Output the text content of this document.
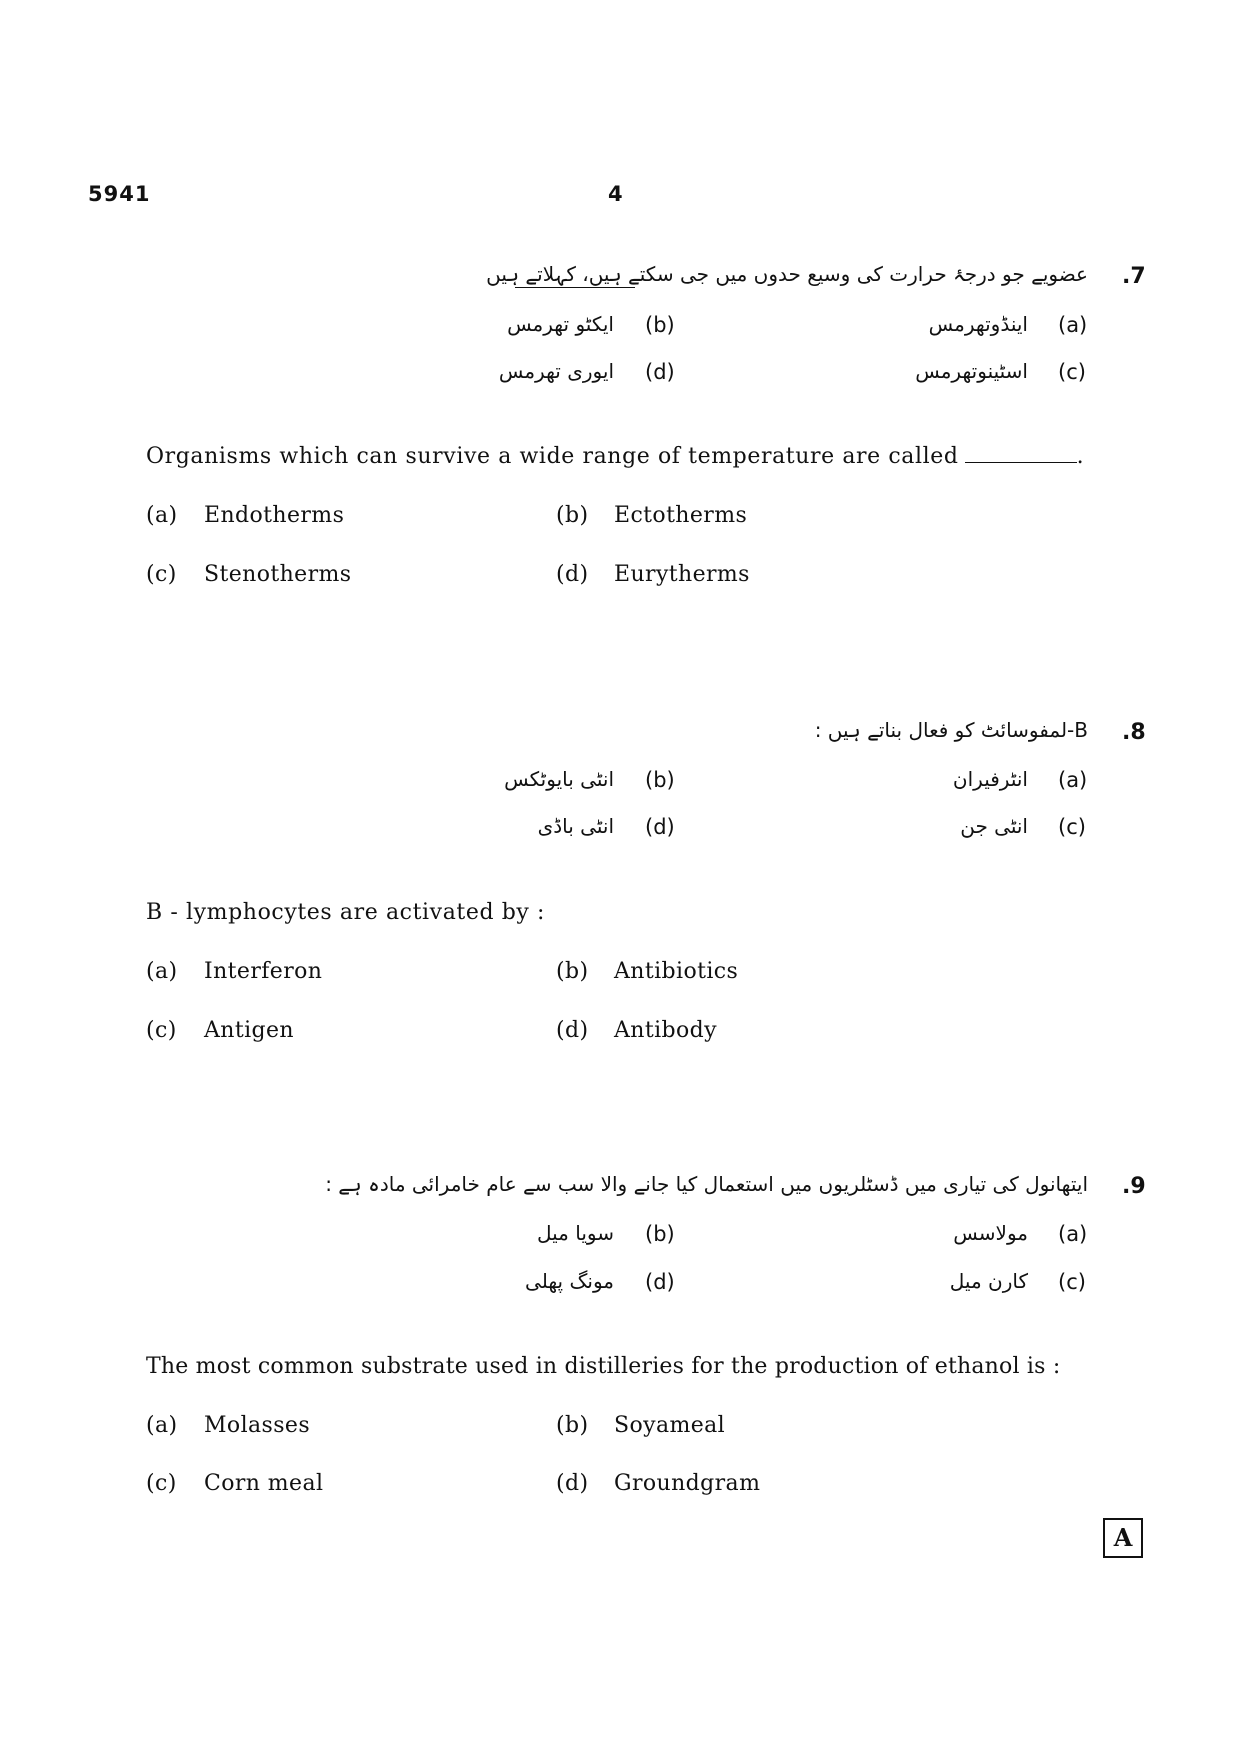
5941	4
.7
عضویے جو درجۂ حرارت کی وسیع حدوں میں جی سکتے ہیں، کہلاتے ہیں
(a)
اینڈوتھرمس
(b)
ایکٹو تھرمس
(c)
اسٹینوتھرمس
(d)
ایوری تھرمس
Organisms which can survive a wide range of temperature are called	.
(a) Endotherms	(b) Ectotherms
(c) Stenotherms	(d) Eurytherms
.8
B-لمفوسائٹ کو فعال بناتے ہیں :
(a)
انٹرفیران
(b)
انٹی بایوٹکس
(c)
انٹی جن
(d)
انٹی باڈی
B - lymphocytes are activated by :
(a) Interferon	(b) Antibiotics
(c) Antigen	(d) Antibody
.9
ایتھانول کی تیاری میں ڈسٹلریوں میں استعمال کیا جانے والا سب سے عام خامرائی مادہ ہے :
(a)
مولاسس
(b)
سویا میل
(c)
کارن میل
(d)
مونگ پھلی
The most common substrate used in distilleries for the production of ethanol is :
(a) Molasses	(b) Soyameal
(c) Corn meal	(d) Groundgram
A
